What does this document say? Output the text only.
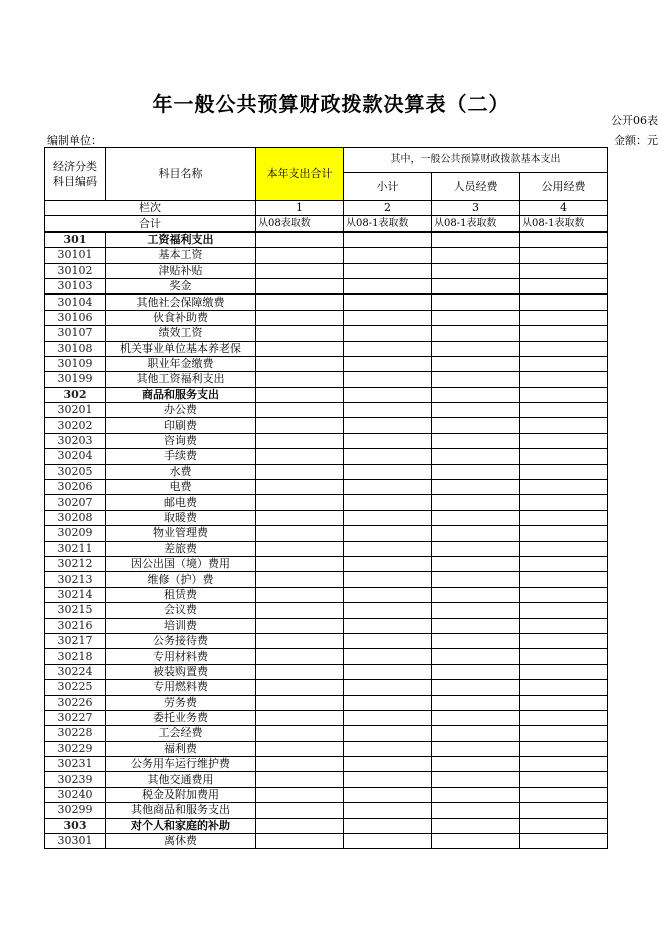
年一般公共预算财政拨款决算表（二）
公开06表
编制单位：	金额：元
经济分类科目编码	科目名称	本年支出合计	其中，一般公共预算财政拨款基本支出		
			小计	人员经费	公用经费
栏次		1	2	3	4
合计		从08表取数	从08-1表取数	从08-1表取数	从08-1表取数
301	工资福利支出				
30101	基本工资				
30102	津贴补贴				
30103	奖金				
30104	其他社会保障缴费				
30106	伙食补助费				
30107	绩效工资				
30108	机关事业单位基本养老保				
30109	职业年金缴费				
30199	其他工资福利支出				
302	商品和服务支出				
30201	办公费				
30202	印刷费				
30203	咨询费				
30204	手续费				
30205	水费				
30206	电费				
30207	邮电费				
30208	取暖费				
30209	物业管理费				
30211	差旅费				
30212	因公出国（境）费用				
30213	维修（护）费				
30214	租赁费				
30215	会议费				
30216	培训费				
30217	公务接待费				
30218	专用材料费				
30224	被装购置费				
30225	专用燃料费				
30226	劳务费				
30227	委托业务费				
30228	工会经费				
30229	福利费				
30231	公务用车运行维护费				
30239	其他交通费用				
30240	税金及附加费用				
30299	其他商品和服务支出				
303	对个人和家庭的补助				
30301	离休费				
